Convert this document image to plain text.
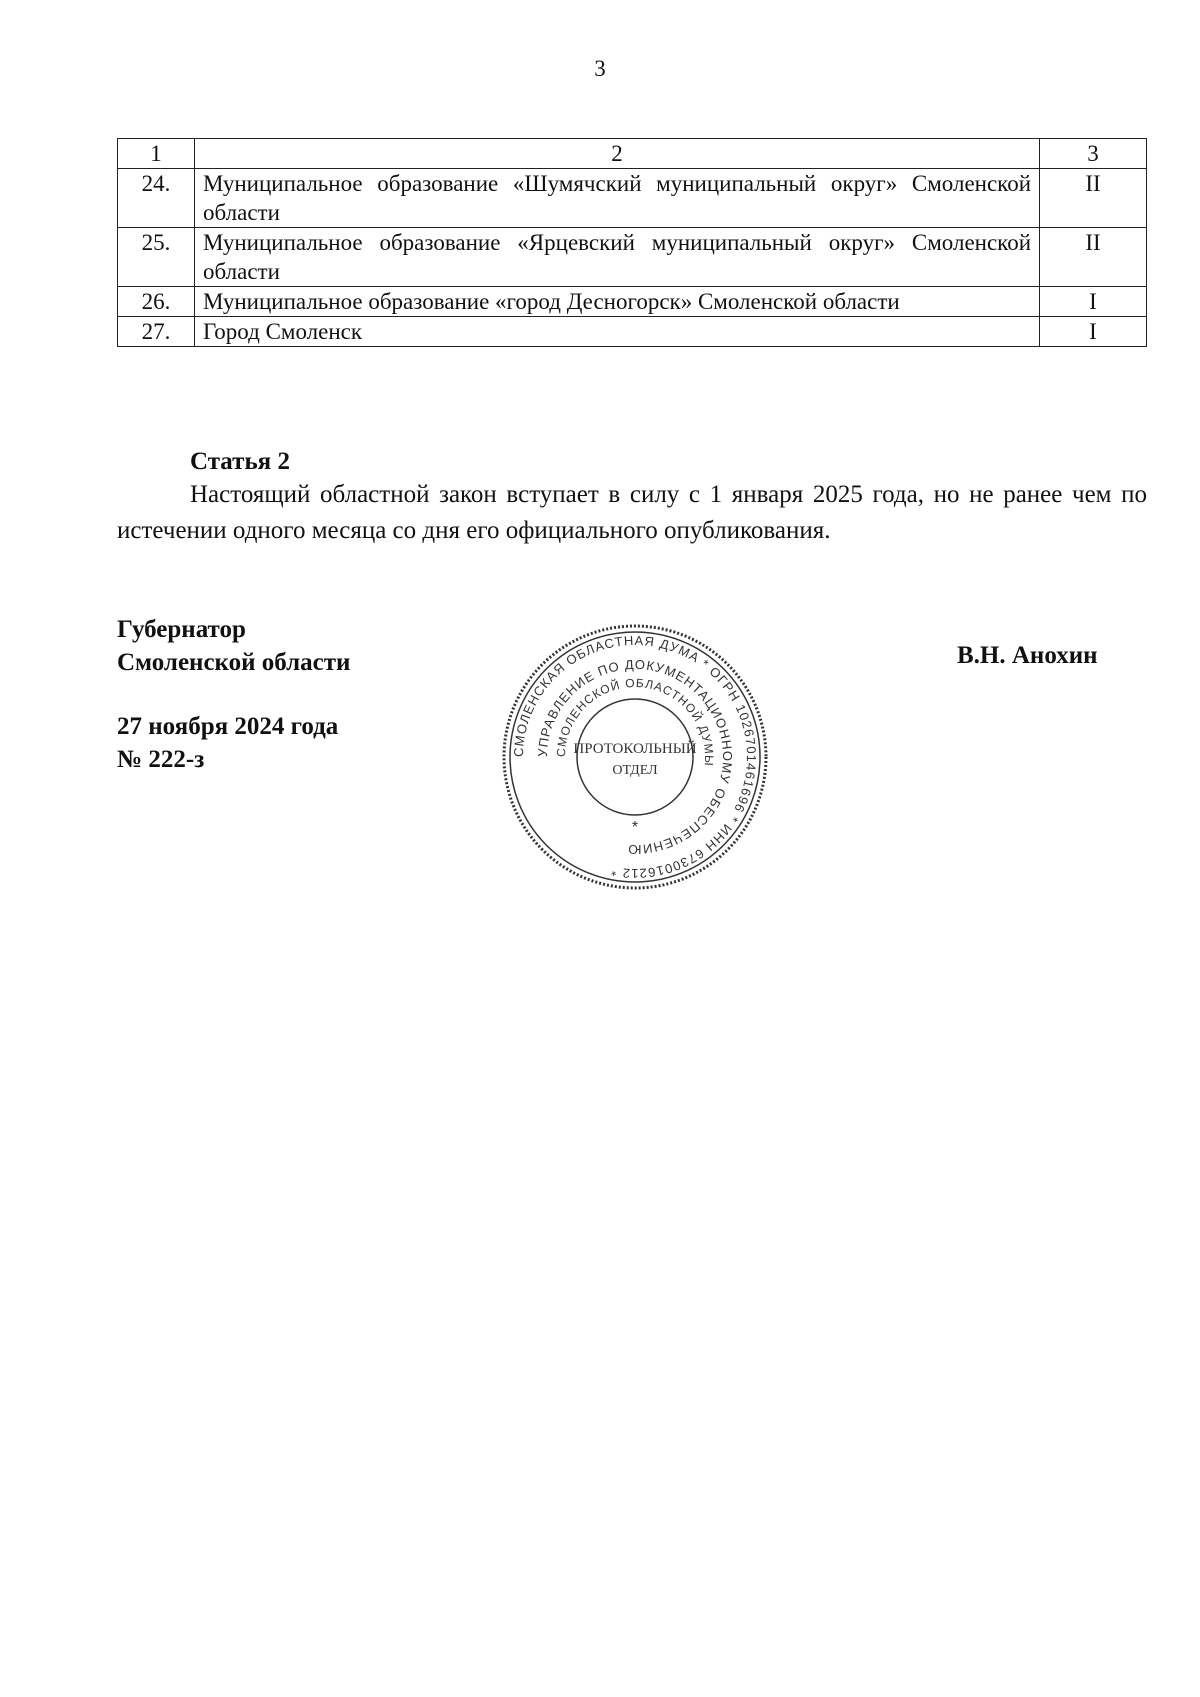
3
1	2	3
24.	Муниципальное образование «Шумячский муниципальный округ» Смоленской области	II
25.	Муниципальное образование «Ярцевский муниципальный округ» Смоленской области	II
26.	Муниципальное образование «город Десногорск» Смоленской области	I
27.	Город Смоленск	I

Статья 2

Настоящий областной закон вступает в силу с 1 января 2025 года, но не ранее чем по истечении одного месяца со дня его официального опубликования.

Губернатор
Смоленской области
27 ноября 2024 года
№ 222-з
В.Н. Анохин
СМОЛЕНСКАЯ ОБЛАСТНАЯ ДУМА * ОГРН 1026701461696 * ИНН 6730016212 *
УПРАВЛЕНИЕ ПО ДОКУМЕНТАЦИОННОМУ ОБЕСПЕЧЕНИЮ
СМОЛЕНСКОЙ ОБЛАСТНОЙ ДУМЫ
ПРОТОКОЛЬНЫЙ
ОТДЕЛ
*
